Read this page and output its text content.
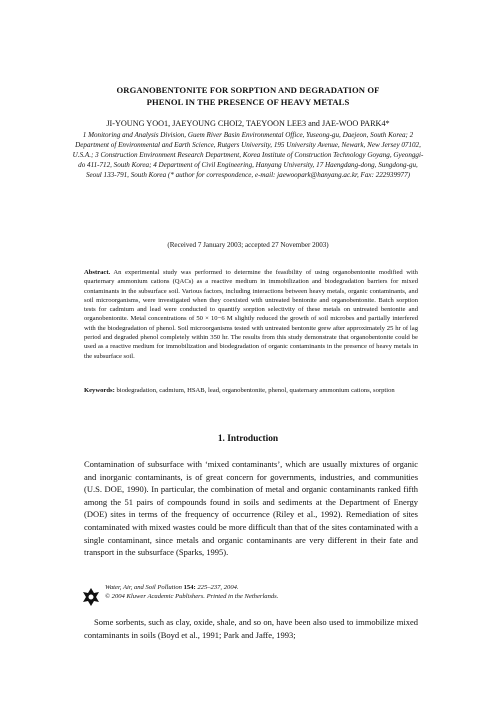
ORGANOBENTONITE FOR SORPTION AND DEGRADATION OF
PHENOL IN THE PRESENCE OF HEAVY METALS
JI-YOUNG YOO1, JAEYOUNG CHOI2, TAEYOON LEE3 and JAE-WOO PARK4*
1 Monitoring and Analysis Division, Guem River Basin Environmental Office, Yuseong-gu, Daejeon, South Korea; 2 Department of Environmental and Earth Science, Rutgers University, 195 University Avenue, Newark, New Jersey 07102, U.S.A.; 3 Construction Environment Research Department, Korea Institute of Construction Technology Goyang, Gyeonggi-do 411-712, South Korea; 4 Department of Civil Engineering, Hanyang University, 17 Haengdang-dong, Sungdong-gu, Seoul 133-791, South Korea (* author for correspondence, e-mail: jaewoopark@hanyang.ac.kr, Fax: 222939977)
(Received 7 January 2003; accepted 27 November 2003)
Abstract. An experimental study was performed to determine the feasibility of using organobentonite modified with quarternary ammonium cations (QACs) as a reactive medium in immobilization and biodegradation barriers for mixed contaminants in the subsurface soil. Various factors, including interactions between heavy metals, organic contaminants, and soil microorganisms, were investigated when they coexisted with untreated bentonite and organobentonite. Batch sorption tests for cadmium and lead were conducted to quantify sorption selectivity of these metals on untreated bentonite and organobentonite. Metal concentrations of 50 × 10−6 M slightly reduced the growth of soil microbes and partially interfered with the biodegradation of phenol. Soil microorganisms tested with untreated bentonite grew after approximately 25 hr of lag period and degraded phenol completely within 350 hr. The results from this study demonstrate that organobentonite could be used as a reactive medium for immobilization and biodegradation of organic contaminants in the presence of heavy metals in the subsurface soil.
Keywords: biodegradation, cadmium, HSAB, lead, organobentonite, phenol, quaternary ammonium cations, sorption
1. Introduction

Contamination of subsurface with ‘mixed contaminants’, which are usually mixtures of organic and inorganic contaminants, is of great concern for governments, industries, and communities (U.S. DOE, 1990). In particular, the combination of metal and organic contaminants ranked fifth among the 51 pairs of compounds found in soils and sediments at the Department of Energy (DOE) sites in terms of the frequency of occurrence (Riley et al., 1992). Remediation of sites contaminated with mixed wastes could be more difficult than that of the sites contaminated with a single contaminant, since metals and organic contaminants are very different in their fate and transport in the subsurface (Sparks, 1995).

Water, Air, and Soil Pollution 154: 225–237, 2004.
© 2004 Kluwer Academic Publishers. Printed in the Netherlands.

Some sorbents, such as clay, oxide, shale, and so on, have been also used to immobilize mixed contaminants in soils (Boyd et al., 1991; Park and Jaffe, 1993;
